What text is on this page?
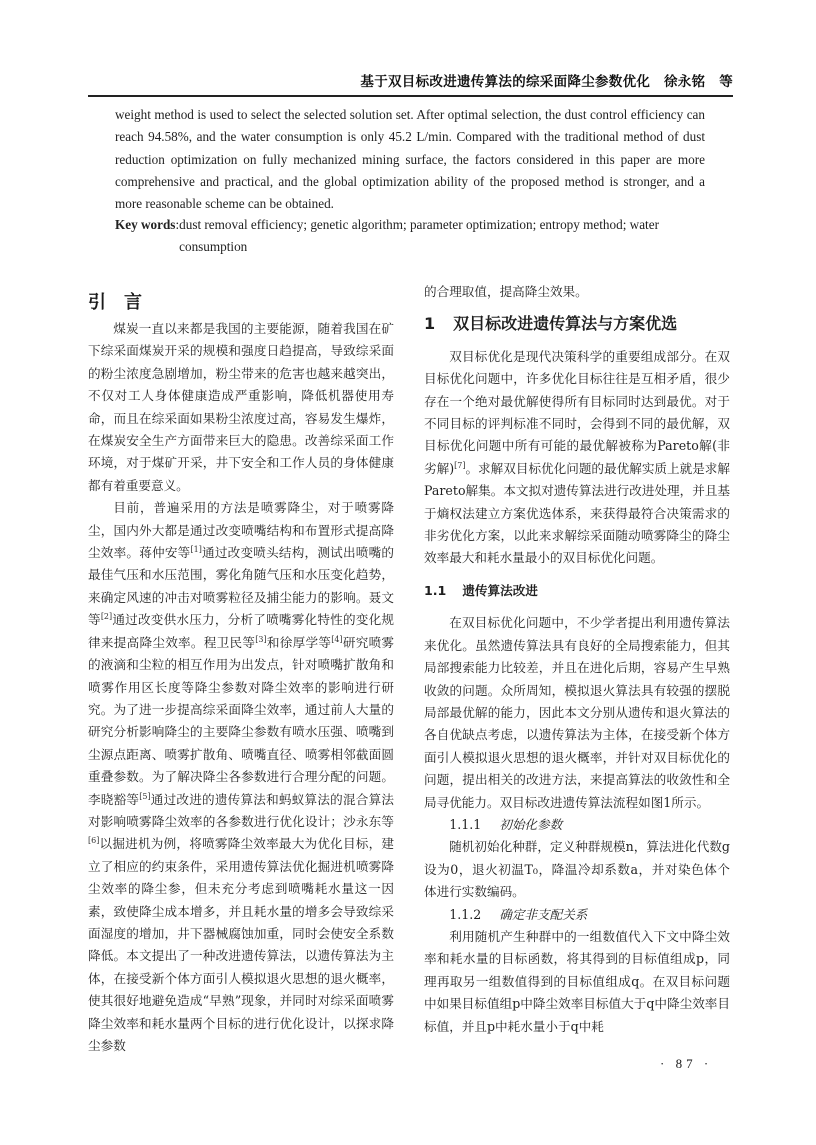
基于双目标改进遗传算法的综采面降尘参数优化　徐永铭　等
weight method is used to select the selected solution set. After optimal selection, the dust control efficiency can reach 94.58%, and the water consumption is only 45.2 L/min. Compared with the traditional method of dust reduction optimization on fully mechanized mining surface, the factors considered in this paper are more comprehensive and practical, and the global optimization ability of the proposed method is stronger, and a more reasonable scheme can be obtained.
Key words : dust removal efficiency; genetic algorithm; parameter optimization; entropy method; water consumption
引言

煤炭一直以来都是我国的主要能源，随着我国在矿下综采面煤炭开采的规模和强度日趋提高，导致综采面的粉尘浓度急剧增加，粉尘带来的危害也越来越突出，不仅对工人身体健康造成严重影响，降低机器使用寿命，而且在综采面如果粉尘浓度过高，容易发生爆炸，在煤炭安全生产方面带来巨大的隐患。改善综采面工作环境，对于煤矿开采，井下安全和工作人员的身体健康都有着重要意义。

目前，普遍采用的方法是喷雾降尘，对于喷雾降尘，国内外大都是通过改变喷嘴结构和布置形式提高降尘效率。蒋仲安等[1]通过改变喷头结构，测试出喷嘴的最佳气压和水压范围，雾化角随气压和水压变化趋势，来确定风速的冲击对喷雾粒径及捕尘能力的影响。聂文等[2]通过改变供水压力，分析了喷嘴雾化特性的变化规律来提高降尘效率。程卫民等[3]和徐厚学等[4]研究喷雾的液滴和尘粒的相互作用为出发点，针对喷嘴扩散角和喷雾作用区长度等降尘参数对降尘效率的影响进行研究。为了进一步提高综采面降尘效率，通过前人大量的研究分析影响降尘的主要降尘参数有喷水压强、喷嘴到尘源点距离、喷雾扩散角、喷嘴直径、喷雾相邻截面圆重叠参数。为了解决降尘各参数进行合理分配的问题。李晓豁等[5]通过改进的遗传算法和蚂蚁算法的混合算法对影响喷雾降尘效率的各参数进行优化设计；沙永东等[6]以掘进机为例，将喷雾降尘效率最大为优化目标，建立了相应的约束条件，采用遗传算法优化掘进机喷雾降尘效率的降尘参，但未充分考虑到喷嘴耗水量这一因素，致使降尘成本增多，并且耗水量的增多会导致综采面湿度的增加，井下器械腐蚀加重，同时会使安全系数降低。本文提出了一种改进遗传算法，以遗传算法为主体，在接受新个体方面引人模拟退火思想的退火概率，使其很好地避免造成“早熟”现象，并同时对综采面喷雾降尘效率和耗水量两个目标的进行优化设计，以探求降尘参数

的合理取值，提高降尘效果。

1 双目标改进遗传算法与方案优选

双目标优化是现代决策科学的重要组成部分。在双目标优化问题中，许多优化目标往往是互相矛盾，很少存在一个绝对最优解使得所有目标同时达到最优。对于不同目标的评判标准不同时，会得到不同的最优解，双目标优化问题中所有可能的最优解被称为Pareto解(非劣解)[7]。求解双目标优化问题的最优解实质上就是求解Pareto解集。本文拟对遗传算法进行改进处理，并且基于熵权法建立方案优选体系，来获得最符合决策需求的非劣优化方案，以此来求解综采面随动喷雾降尘的降尘效率最大和耗水量最小的双目标优化问题。

1.1 遗传算法改进

在双目标优化问题中，不少学者提出利用遗传算法来优化。虽然遗传算法具有良好的全局搜索能力，但其局部搜索能力比较差，并且在进化后期，容易产生早熟收敛的问题。众所周知，模拟退火算法具有较强的摆脱局部最优解的能力，因此本文分别从遗传和退火算法的各自优缺点考虑，以遗传算法为主体，在接受新个体方面引人模拟退火思想的退火概率，并针对双目标优化的问题，提出相关的改进方法，来提高算法的收敛性和全局寻优能力。双目标改进遗传算法流程如图1所示。

1.1.1 初始化参数

随机初始化种群，定义种群规模n，算法进化代数g设为0，退火初温T₀，降温冷却系数a，并对染色体个体进行实数编码。

1.1.2 确定非支配关系

利用随机产生种群中的一组数值代入下文中降尘效率和耗水量的目标函数，将其得到的目标值组成p，同理再取另一组数值得到的目标值组成q。在双目标问题中如果目标值组p中降尘效率目标值大于q中降尘效率目标值，并且p中耗水量小于q中耗

· 87 ·
